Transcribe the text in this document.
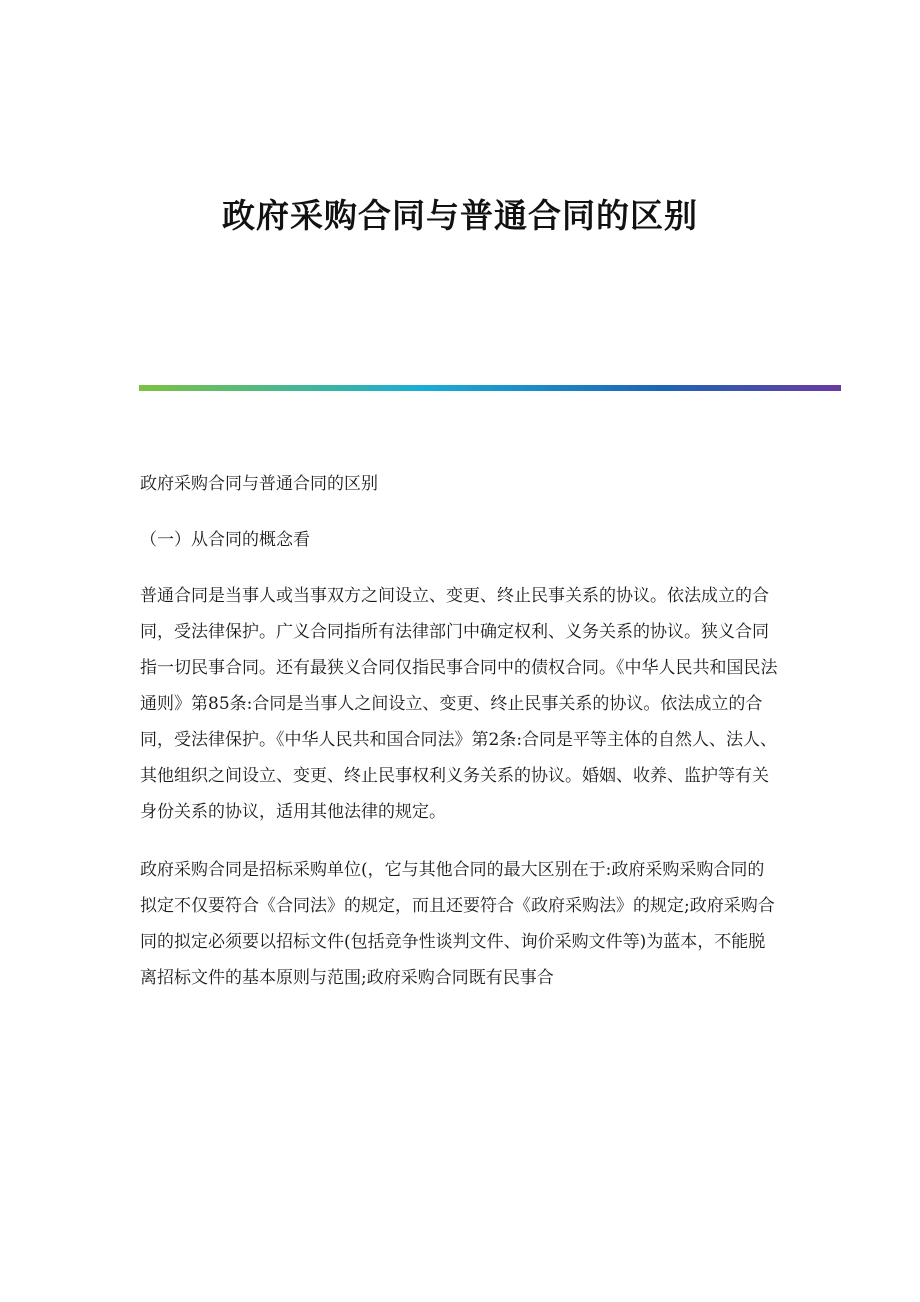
政府采购合同与普通合同的区别

政府采购合同与普通合同的区别

（一）从合同的概念看

普通合同是当事人或当事双方之间设立、变更、终止民事关系的协议。依法成立的合同，受法律保护。广义合同指所有法律部门中确定权利、义务关系的协议。狭义合同指一切民事合同。还有最狭义合同仅指民事合同中的债权合同。《中华人民共和国民法通则》第85条:合同是当事人之间设立、变更、终止民事关系的协议。依法成立的合同，受法律保护。《中华人民共和国合同法》第2条:合同是平等主体的自然人、法人、其他组织之间设立、变更、终止民事权利义务关系的协议。婚姻、收养、监护等有关身份关系的协议，适用其他法律的规定。

政府采购合同是招标采购单位(，它与其他合同的最大区别在于:政府采购采购合同的拟定不仅要符合《合同法》的规定，而且还要符合《政府采购法》的规定;政府采购合同的拟定必须要以招标文件(包括竞争性谈判文件、询价采购文件等)为蓝本，不能脱离招标文件的基本原则与范围;政府采购合同既有民事合
